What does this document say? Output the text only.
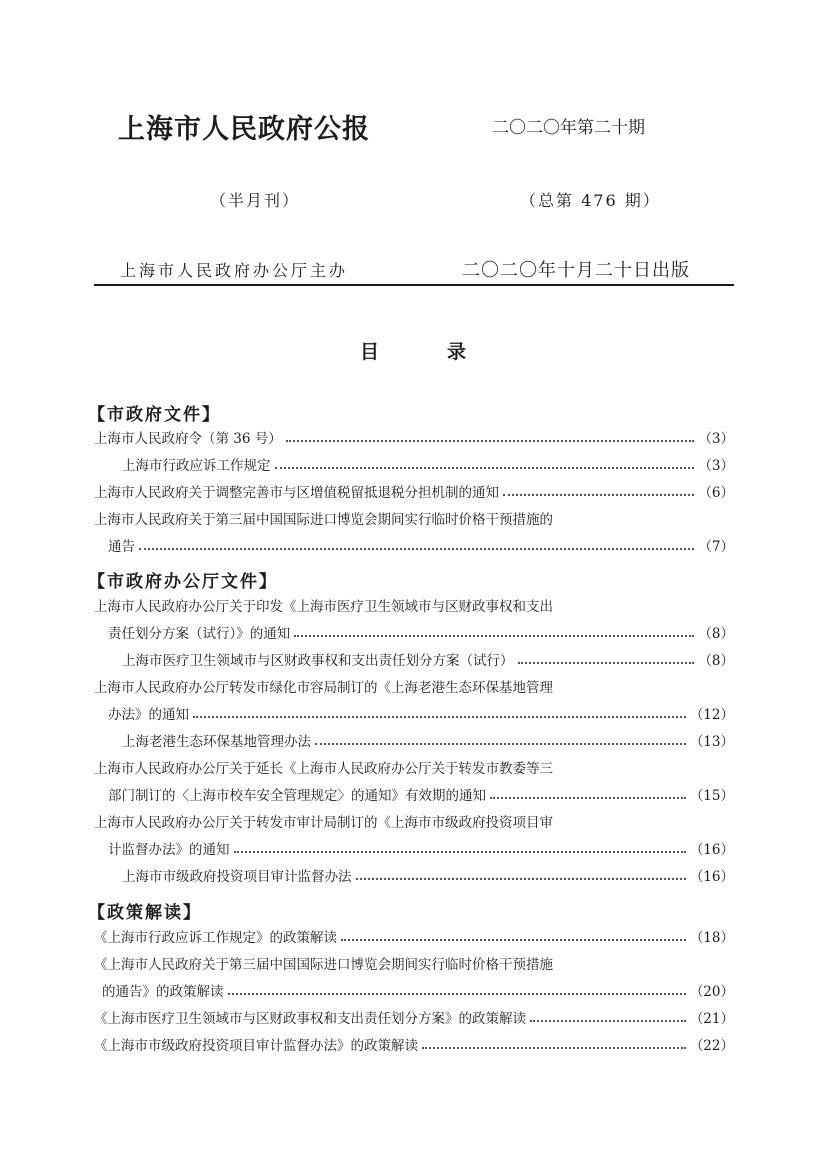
上海市人民政府公报	二〇二〇年第二十期
（半月刊）	（总第 476 期）
上海市人民政府办公厅主办	二〇二〇年十月二十日出版
目	录
【市政府文件】
上海市人民政府令（第 36 号）	（3）
上海市行政应诉工作规定	（3）
上海市人民政府关于调整完善市与区增值税留抵退税分担机制的通知	（6）
上海市人民政府关于第三届中国国际进口博览会期间实行临时价格干预措施的
通告	（7）
【市政府办公厅文件】
上海市人民政府办公厅关于印发《上海市医疗卫生领域市与区财政事权和支出
责任划分方案（试行）》的通知	（8）
上海市医疗卫生领域市与区财政事权和支出责任划分方案（试行）	（8）
上海市人民政府办公厅转发市绿化市容局制订的《上海老港生态环保基地管理
办法》的通知	（12）
上海老港生态环保基地管理办法	（13）
上海市人民政府办公厅关于延长《上海市人民政府办公厅关于转发市教委等三
部门制订的〈上海市校车安全管理规定〉的通知》有效期的通知	（15）
上海市人民政府办公厅关于转发市审计局制订的《上海市市级政府投资项目审
计监督办法》的通知	（16）
上海市市级政府投资项目审计监督办法	（16）
【政策解读】
《上海市行政应诉工作规定》的政策解读	（18）
《上海市人民政府关于第三届中国国际进口博览会期间实行临时价格干预措施
的通告》的政策解读	（20）
《上海市医疗卫生领域市与区财政事权和支出责任划分方案》的政策解读	（21）
《上海市市级政府投资项目审计监督办法》的政策解读	（22）
